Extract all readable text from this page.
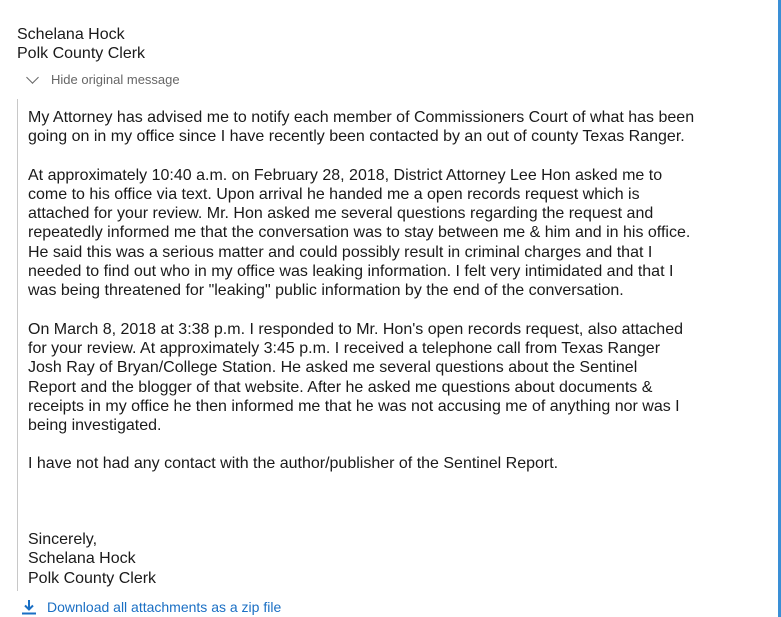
Schelana Hock
Polk County Clerk
Hide original message

My Attorney has advised me to notify each member of Commissioners Court of what has been
going on in my office since I have recently been contacted by an out of county Texas Ranger.

At approximately 10:40 a.m. on February 28, 2018, District Attorney Lee Hon asked me to
come to his office via text. Upon arrival he handed me a open records request which is
attached for your review. Mr. Hon asked me several questions regarding the request and
repeatedly informed me that the conversation was to stay between me & him and in his office.
He said this was a serious matter and could possibly result in criminal charges and that I
needed to find out who in my office was leaking information. I felt very intimidated and that I
was being threatened for "leaking" public information by the end of the conversation.

On March 8, 2018 at 3:38 p.m. I responded to Mr. Hon's open records request, also attached
for your review. At approximately 3:45 p.m. I received a telephone call from Texas Ranger
Josh Ray of Bryan/College Station. He asked me several questions about the Sentinel
Report and the blogger of that website. After he asked me questions about documents &
receipts in my office he then informed me that he was not accusing me of anything nor was I
being investigated.

I have not had any contact with the author/publisher of the Sentinel Report.

Sincerely,
Schelana Hock
Polk County Clerk
Download all attachments as a zip file
